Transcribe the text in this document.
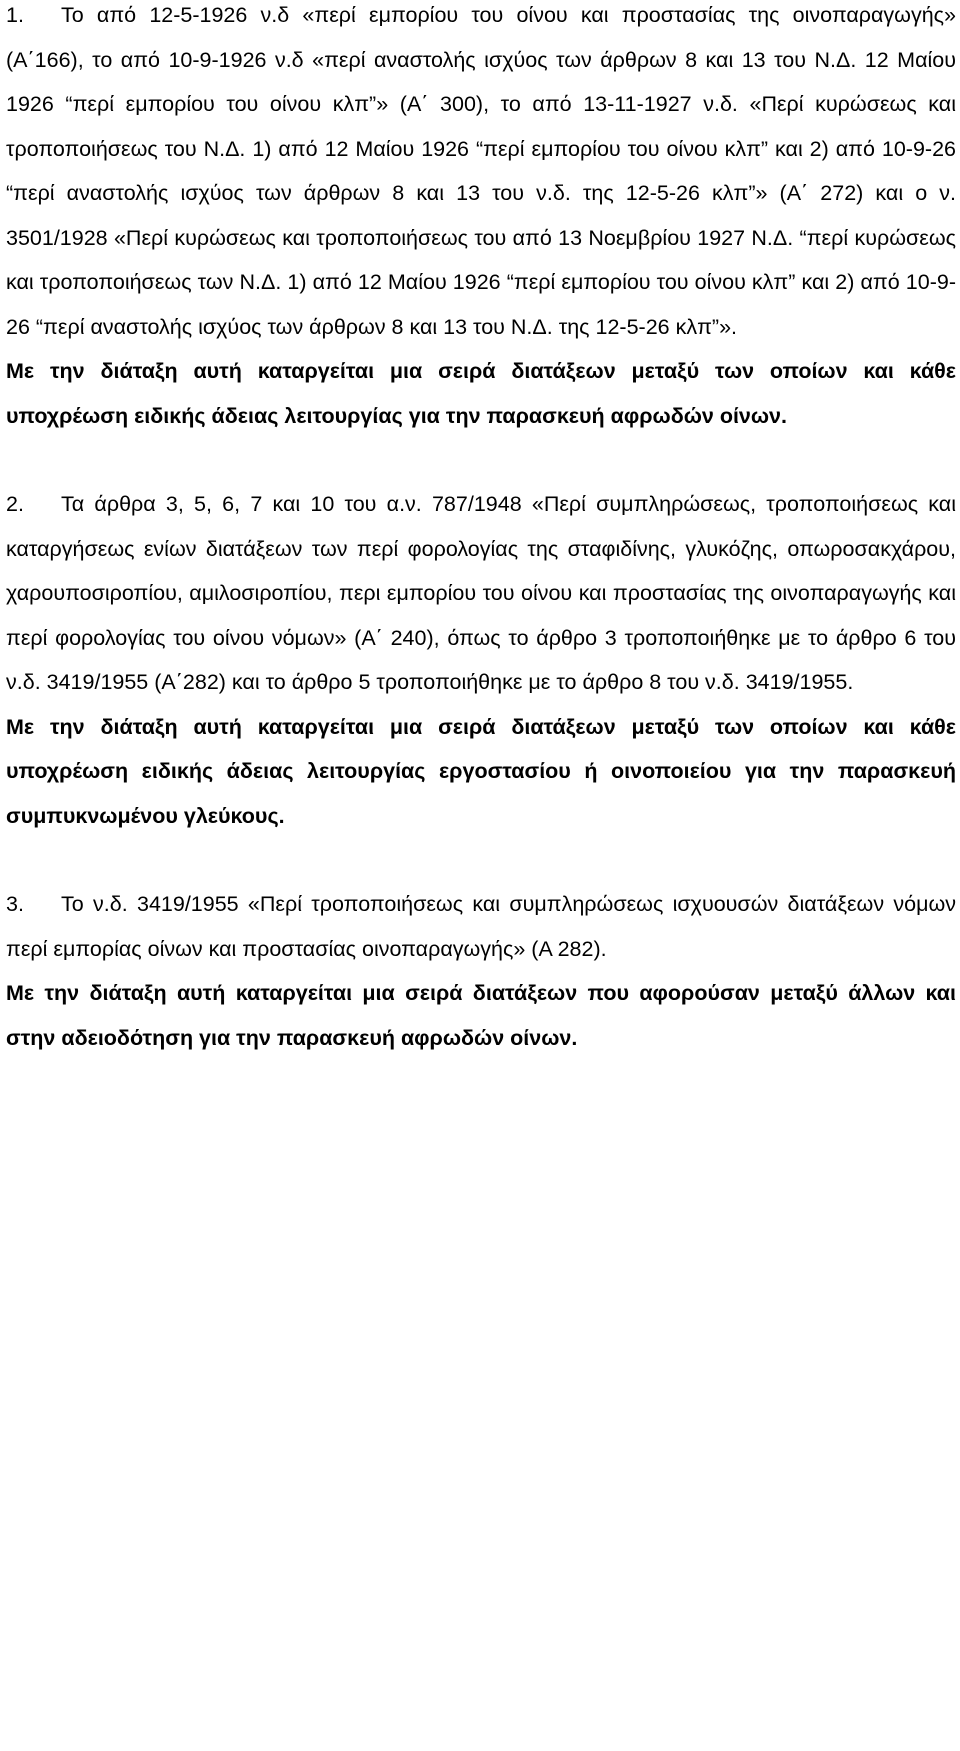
1. Το από 12-5-1926 ν.δ «περί εμπορίου του οίνου και προστασίας της οινοπαραγωγής» (Α΄166), το από 10-9-1926 ν.δ «περί αναστολής ισχύος των άρθρων 8 και 13 του Ν.Δ. 12 Μαίου 1926 “περί εμπορίου του οίνου κλπ”» (Α΄ 300), το από 13-11-1927 ν.δ. «Περί κυρώσεως και τροποποιήσεως του Ν.Δ. 1) από 12 Μαίου 1926 “περί εμπορίου του οίνου κλπ” και 2) από 10-9-26 “περί αναστολής ισχύος των άρθρων 8 και 13 του ν.δ. της 12-5-26 κλπ”» (Α΄ 272) και ο ν. 3501/1928 «Περί κυρώσεως και τροποποιήσεως του από 13 Νοεμβρίου 1927 Ν.Δ. “περί κυρώσεως και τροποποιήσεως των Ν.Δ. 1) από 12 Μαίου 1926 “περί εμπορίου του οίνου κλπ” και 2) από 10-9-26 “περί αναστολής ισχύος των άρθρων 8 και 13 του Ν.Δ. της 12-5-26 κλπ”».

Με την διάταξη αυτή καταργείται μια σειρά διατάξεων μεταξύ των οποίων και κάθε υποχρέωση ειδικής άδειας λειτουργίας για την παρασκευή αφρωδών οίνων.

2. Τα άρθρα 3, 5, 6, 7 και 10 του α.ν. 787/1948 «Περί συμπληρώσεως, τροποποιήσεως και καταργήσεως ενίων διατάξεων των περί φορολογίας της σταφιδίνης, γλυκόζης, οπωροσακχάρου, χαρουποσιροπίου, αμιλοσιροπίου, περι εμπορίου του οίνου και προστασίας της οινοπαραγωγής και περί φορολογίας του οίνου νόμων» (Α΄ 240), όπως το άρθρο 3 τροποποιήθηκε με το άρθρο 6 του ν.δ. 3419/1955 (Α΄282) και το άρθρο 5 τροποποιήθηκε με το άρθρο 8 του ν.δ. 3419/1955.

Με την διάταξη αυτή καταργείται μια σειρά διατάξεων μεταξύ των οποίων και κάθε υποχρέωση ειδικής άδειας λειτουργίας εργοστασίου ή οινοποιείου για την παρασκευή συμπυκνωμένου γλεύκους.

3. Το ν.δ. 3419/1955 «Περί τροποποιήσεως και συμπληρώσεως ισχυουσών διατάξεων νόμων περί εμπορίας οίνων και προστασίας οινοπαραγωγής» (Α 282).

Με την διάταξη αυτή καταργείται μια σειρά διατάξεων που αφορούσαν μεταξύ άλλων και στην αδειοδότηση για την παρασκευή αφρωδών οίνων.
